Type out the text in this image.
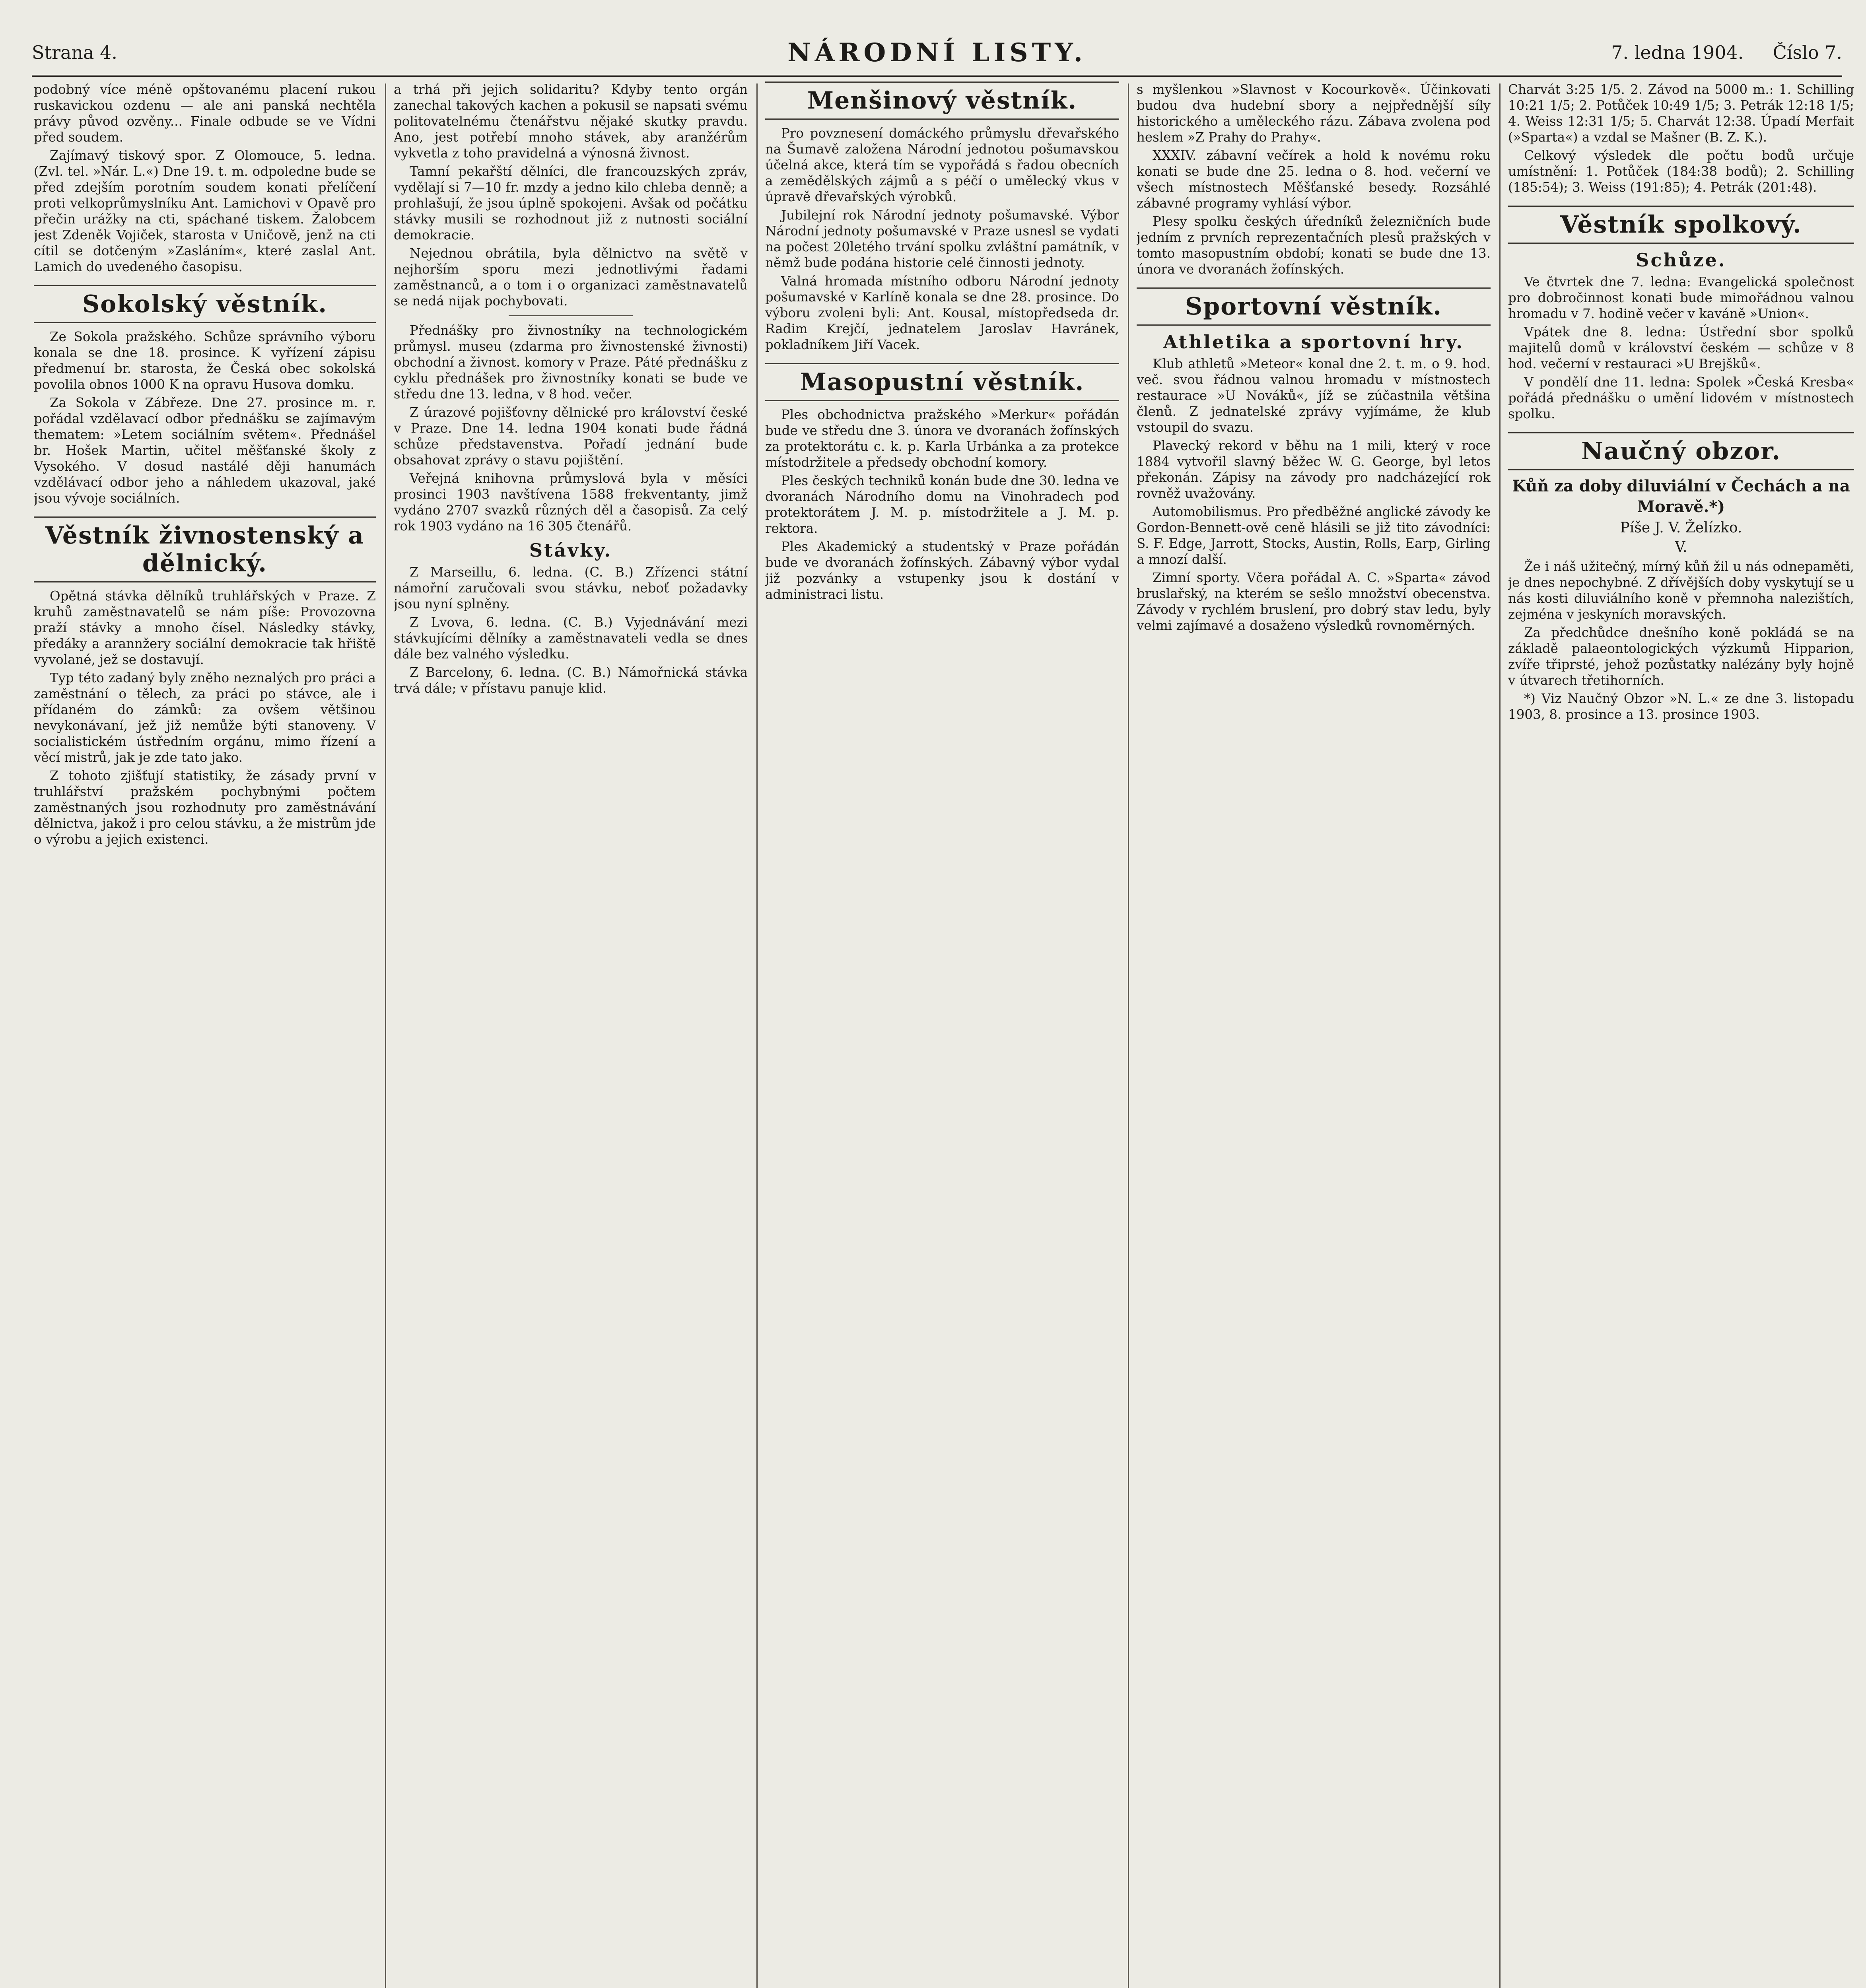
Strana 4.	NÁRODNÍ LISTY.	7. ledna 1904. Číslo 7.

podobný více méně opštovanému placení rukou ruskavickou ozdenu — ale ani panská nechtěla právy původ ozvěny... Finale odbude se ve Vídni před soudem.

Zajímavý tiskový spor. Z Olomouce, 5. ledna. (Zvl. tel. »Nár. L.«) Dne 19. t. m. odpoledne bude se před zdejším porotním soudem konati přelíčení proti velkoprůmyslníku Ant. Lamichovi v Opavě pro přečin urážky na cti, spáchané tiskem. Žalobcem jest Zdeněk Vojiček, starosta v Uničově, jenž na cti cítil se dotčeným »Zasláním«, které zaslal Ant. Lamich do uvedeného časopisu.

Sokolský věstník.

Ze Sokola pražského. Schůze správního výboru konala se dne 18. prosince. K vyřízení zápisu předmenuí br. starosta, že Česká obec sokolská povolila obnos 1000 K na opravu Husova domku.

Za Sokola v Zábřeze. Dne 27. prosince m. r. pořádal vzdělavací odbor přednášku se zajímavým thematem: »Letem sociálním světem«. Přednášel br. Hošek Martin, učitel měšťanské školy z Vysokého. V dosud nastálé ději hanumách vzdělávací odbor jeho a náhledem ukazoval, jaké jsou vývoje sociálních.

Věstník živnostenský a dělnický.

Opětná stávka dělníků truhlářských v Praze. Z kruhů zaměstnavatelů se nám píše: Provozovna praží stávky a mnoho čísel. Následky stávky, předáky a arannžery sociální demokracie tak hřiště vyvolané, jež se dostavují.

Typ této zadaný byly zněho neznalých pro práci a zaměstnání o tělech, za práci po stávce, ale i přídaném do zámků: za ovšem většinou nevykonávaní, jež již nemůže býti stanoveny. V socialistickém ústředním orgánu, mimo řízení a věcí mistrů, jak je zde tato jako.

Z tohoto zjišťují statistiky, že zásady první v truhlářství pražském pochybnými počtem zaměstnaných jsou rozhodnuty pro zaměstnávání dělnictva, jakož i pro celou stávku, a že mistrům jde o výrobu a jejich existenci.

a trhá při jejich solidaritu? Kdyby tento orgán zanechal takových kachen a pokusil se napsati svému politovatelnému čtenářstvu nějaké skutky pravdu. Ano, jest potřebí mnoho stávek, aby aranžérům vykvetla z toho pravidelná a výnosná živnost.

Tamní pekařští dělníci, dle francouzských zpráv, vydělají si 7—10 fr. mzdy a jedno kilo chleba denně; a prohlašují, že jsou úplně spokojeni. Avšak od počátku stávky musili se rozhodnout již z nutnosti sociální demokracie.

Nejednou obrátila, byla dělnictvo na světě v nejhorším sporu mezi jednotlivými řadami zaměstnanců, a o tom i o organizaci zaměstnavatelů se nedá nijak pochybovati.

Přednášky pro živnostníky na technologickém průmysl. museu (zdarma pro živnostenské živnosti) obchodní a živnost. komory v Praze. Páté přednášku z cyklu přednášek pro živnostníky konati se bude ve středu dne 13. ledna, v 8 hod. večer.

Z úrazové pojišťovny dělnické pro království české v Praze. Dne 14. ledna 1904 konati bude řádná schůze představenstva. Pořadí jednání bude obsahovat zprávy o stavu pojištění.

Veřejná knihovna průmyslová byla v měsíci prosinci 1903 navštívena 1588 frekventanty, jimž vydáno 2707 svazků různých děl a časopisů. Za celý rok 1903 vydáno na 16 305 čtenářů.

Stávky.

Z Marseillu, 6. ledna. (C. B.) Zřízenci státní námořní zaručovali svou stávku, neboť požadavky jsou nyní splněny.

Z Lvova, 6. ledna. (C. B.) Vyjednávání mezi stávkujícími dělníky a zaměstnavateli vedla se dnes dále bez valného výsledku.

Z Barcelony, 6. ledna. (C. B.) Námořnická stávka trvá dále; v přístavu panuje klid.

Menšinový věstník.

Pro povznesení domáckého průmyslu dřevařského na Šumavě založena Národní jednotou pošumavskou účelná akce, která tím se vypořádá s řadou obecních a zemědělských zájmů a s péčí o umělecký vkus v úpravě dřevařských výrobků.

Jubilejní rok Národní jednoty pošumavské. Výbor Národní jednoty pošumavské v Praze usnesl se vydati na počest 20letého trvání spolku zvláštní památník, v němž bude podána historie celé činnosti jednoty.

Valná hromada místního odboru Národní jednoty pošumavské v Karlíně konala se dne 28. prosince. Do výboru zvoleni byli: Ant. Kousal, místopředseda dr. Radim Krejčí, jednatelem Jaroslav Havránek, pokladníkem Jiří Vacek.

Masopustní věstník.

Ples obchodnictva pražského »Merkur« pořádán bude ve středu dne 3. února ve dvoranách žofínských za protektorátu c. k. p. Karla Urbánka a za protekce místodržitele a předsedy obchodní komory.

Ples českých techniků konán bude dne 30. ledna ve dvoranách Národního domu na Vinohradech pod protektorátem J. M. p. místodržitele a J. M. p. rektora.

Ples Akademický a studentský v Praze pořádán bude ve dvoranách žofínských. Zábavný výbor vydal již pozvánky a vstupenky jsou k dostání v administraci listu.

s myšlenkou »Slavnost v Kocourkově«. Účinkovati budou dva hudební sbory a nejpřednější síly historického a uměleckého rázu. Zábava zvolena pod heslem »Z Prahy do Prahy«.

XXXIV. zábavní večírek a hold k novému roku konati se bude dne 25. ledna o 8. hod. večerní ve všech místnostech Měšťanské besedy. Rozsáhlé zábavné programy vyhlásí výbor.

Plesy spolku českých úředníků železničních bude jedním z prvních reprezentačních plesů pražských v tomto masopustním období; konati se bude dne 13. února ve dvoranách žofínských.

Sportovní věstník.
Athletika a sportovní hry.

Klub athletů »Meteor« konal dne 2. t. m. o 9. hod. več. svou řádnou valnou hromadu v místnostech restaurace »U Nováků«, jíž se zúčastnila většina členů. Z jednatelské zprávy vyjímáme, že klub vstoupil do svazu.

Plavecký rekord v běhu na 1 mili, který v roce 1884 vytvořil slavný běžec W. G. George, byl letos překonán. Zápisy na závody pro nadcházející rok rovněž uvažovány.

Automobilismus. Pro předběžné anglické závody ke Gordon-Bennett-ově ceně hlásili se již tito závodníci: S. F. Edge, Jarrott, Stocks, Austin, Rolls, Earp, Girling a mnozí další.

Zimní sporty. Včera pořádal A. C. »Sparta« závod bruslařský, na kterém se sešlo množství obecenstva. Závody v rychlém bruslení, pro dobrý stav ledu, byly velmi zajímavé a dosaženo výsledků rovnoměrných.

Charvát 3:25 1/5. 2. Závod na 5000 m.: 1. Schilling 10:21 1/5; 2. Potůček 10:49 1/5; 3. Petrák 12:18 1/5; 4. Weiss 12:31 1/5; 5. Charvát 12:38. Úpadí Merfait (»Sparta«) a vzdal se Mašner (B. Z. K.).

Celkový výsledek dle počtu bodů určuje umístnění: 1. Potůček (184:38 bodů); 2. Schilling (185:54); 3. Weiss (191:85); 4. Petrák (201:48).

Věstník spolkový.
Schůze.

Ve čtvrtek dne 7. ledna: Evangelická společnost pro dobročinnost konati bude mimořádnou valnou hromadu v 7. hodině večer v kaváně »Union«.

Vpátek dne 8. ledna: Ústřední sbor spolků majitelů domů v království českém — schůze v 8 hod. večerní v restauraci »U Brejšků«.

V pondělí dne 11. ledna: Spolek »Česká Kresba« pořádá přednášku o umění lidovém v místnostech spolku.

Naučný obzor.
Kůň za doby diluviální v Čechách a na Moravě.*)
Píše J. V. Želízko.
V.

Že i náš užitečný, mírný kůň žil u nás odnepaměti, je dnes nepochybné. Z dřívějších doby vyskytují se u nás kosti diluviálního koně v přemnoha nalezištích, zejména v jeskyních moravských.

Za předchůdce dnešního koně pokládá se na základě palaeontologických výzkumů Hipparion, zvíře třiprsté, jehož pozůstatky nalézány byly hojně v útvarech třetihorních.

*) Viz Naučný Obzor »N. L.« ze dne 3. listopadu 1903, 8. prosince a 13. prosince 1903.
